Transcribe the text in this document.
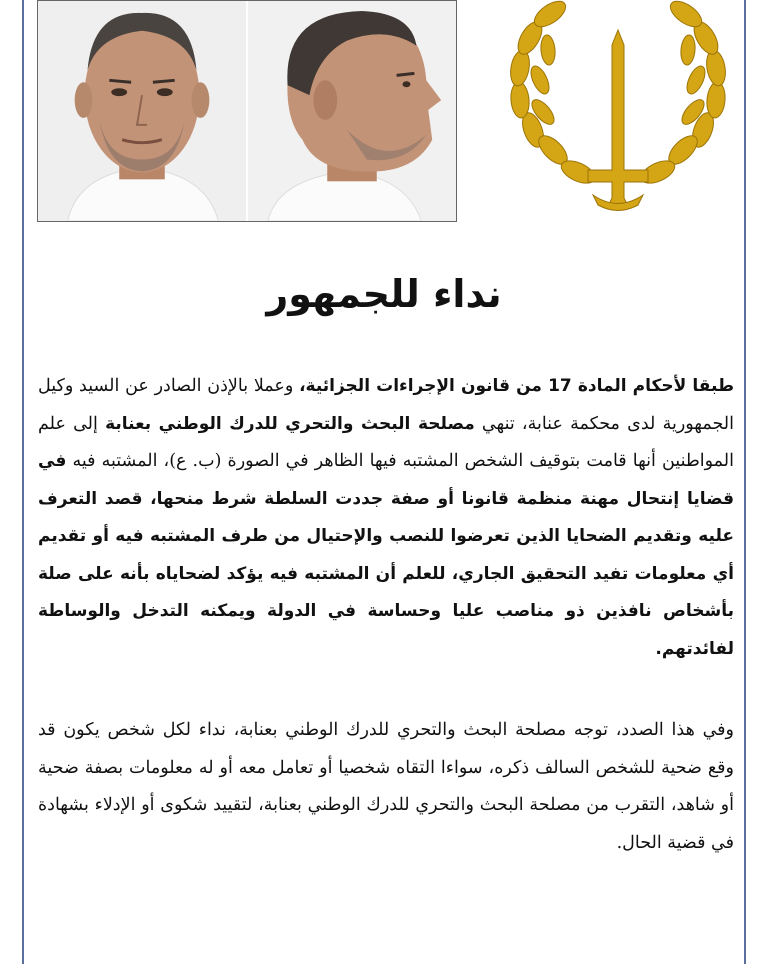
نداء للجمهور
طبقا لأحكام المادة 17 من قانون الإجراءات الجزائية، وعملا بالإذن الصادر عن السيد وكيل الجمهورية لدى محكمة عنابة، تنهي مصلحة البحث والتحري للدرك الوطني بعنابة إلى علم المواطنين أنها قامت بتوقيف الشخص المشتبه فيها الظاهر في الصورة (ب. ع)، المشتبه فيه في قضايا إنتحال مهنة منظمة قانونا أو صفة جددت السلطة شرط منحها، قصد التعرف عليه وتقديم الضحايا الذين تعرضوا للنصب والإحتيال من طرف المشتبه فيه أو تقديم أي معلومات تفيد التحقيق الجاري، للعلم أن المشتبه فيه يؤكد لضحاياه بأنه على صلة بأشخاص نافذين ذو مناصب عليا وحساسة في الدولة ويمكنه التدخل والوساطة لفائدتهم.
وفي هذا الصدد، توجه مصلحة البحث والتحري للدرك الوطني بعنابة، نداء لكل شخص يكون قد وقع ضحية للشخص السالف ذكره، سواءا التقاه شخصيا أو تعامل معه أو له معلومات بصفة ضحية أو شاهد، التقرب من مصلحة البحث والتحري للدرك الوطني بعنابة، لتقييد شكوى أو الإدلاء بشهادة في قضية الحال.
